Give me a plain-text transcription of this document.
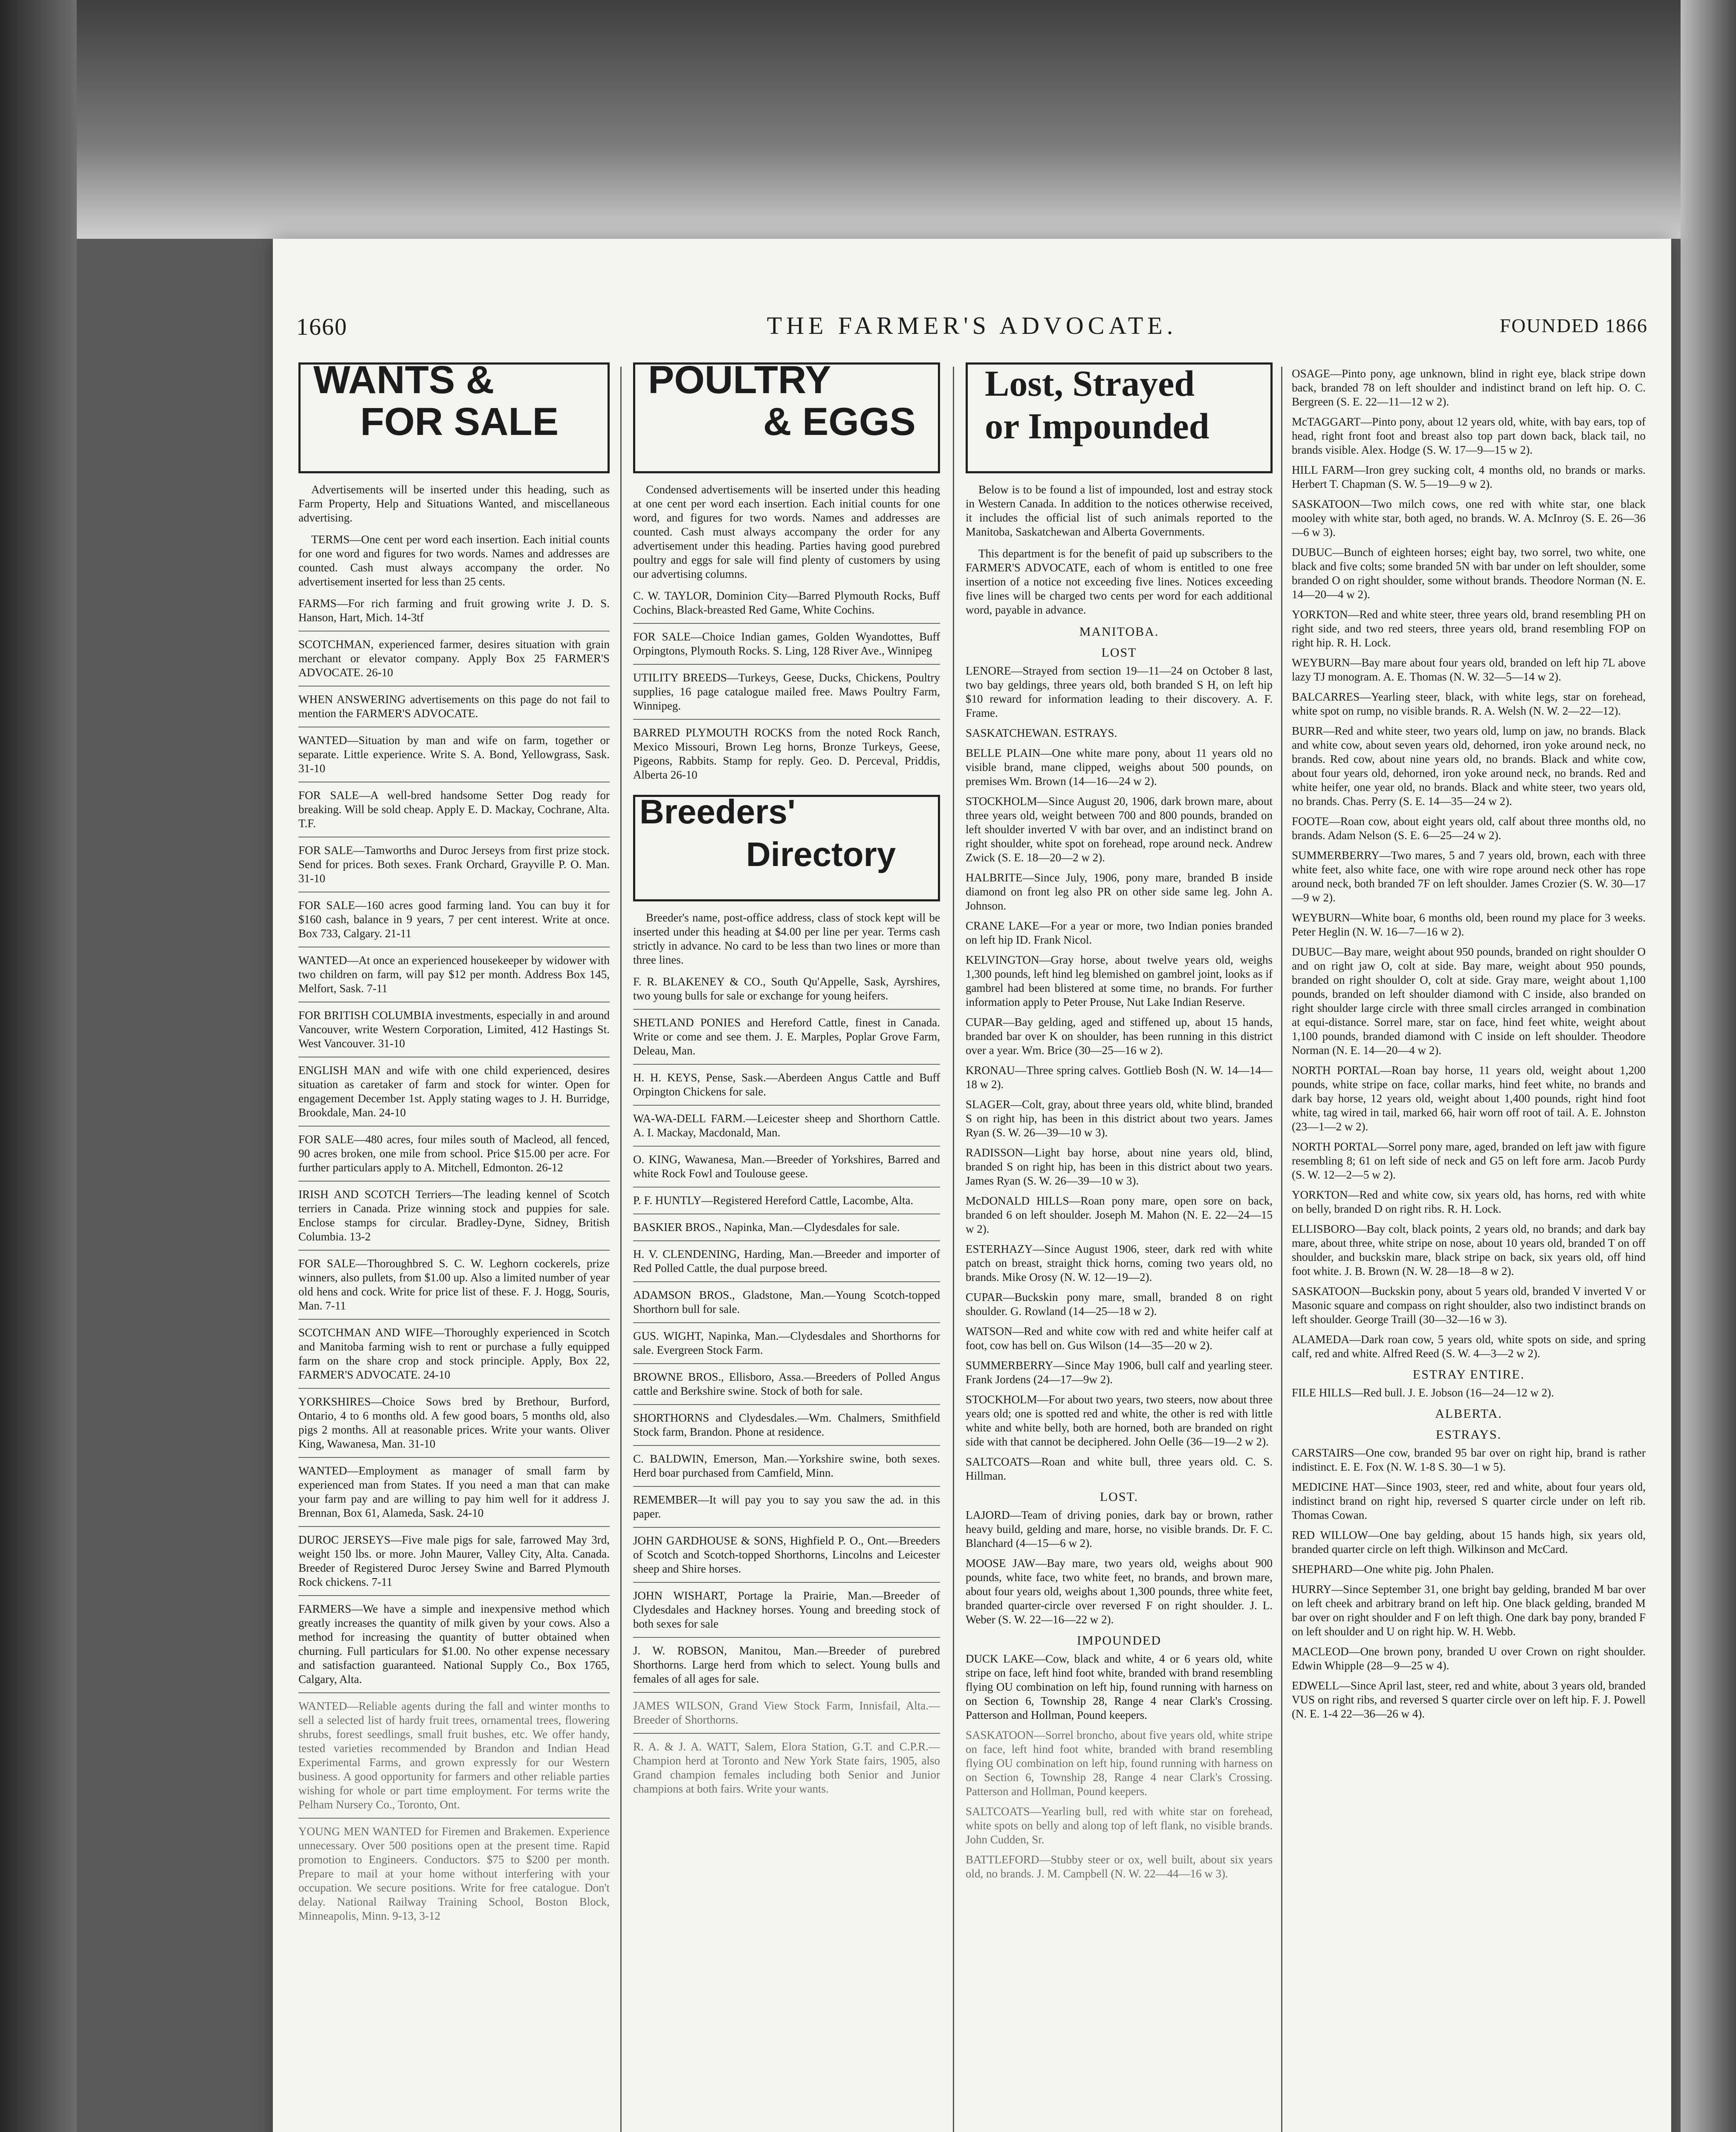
1660	THE FARMER'S ADVOCATE.	FOUNDED 1866
WANTS &
FOR SALE

Advertisements will be inserted under this heading, such as Farm Property, Help and Situations Wanted, and miscellaneous advertising.

TERMS—One cent per word each insertion. Each initial counts for one word and figures for two words. Names and addresses are counted. Cash must always accompany the order. No advertisement inserted for less than 25 cents.

FARMS—For rich farming and fruit growing write J. D. S. Hanson, Hart, Mich. 14-3tf

SCOTCHMAN, experienced farmer, desires situation with grain merchant or elevator company. Apply Box 25 FARMER'S ADVOCATE. 26-10

WHEN ANSWERING advertisements on this page do not fail to mention the FARMER'S ADVOCATE.

WANTED—Situation by man and wife on farm, together or separate. Little experience. Write S. A. Bond, Yellowgrass, Sask. 31-10

FOR SALE—A well-bred handsome Setter Dog ready for breaking. Will be sold cheap. Apply E. D. Mackay, Cochrane, Alta. T.F.

FOR SALE—Tamworths and Duroc Jerseys from first prize stock. Send for prices. Both sexes. Frank Orchard, Grayville P. O. Man. 31-10

FOR SALE—160 acres good farming land. You can buy it for $160 cash, balance in 9 years, 7 per cent interest. Write at once. Box 733, Calgary. 21-11

WANTED—At once an experienced housekeeper by widower with two children on farm, will pay $12 per month. Address Box 145, Melfort, Sask. 7-11

FOR BRITISH COLUMBIA investments, especially in and around Vancouver, write Western Corporation, Limited, 412 Hastings St. West Vancouver. 31-10

ENGLISH MAN and wife with one child experienced, desires situation as caretaker of farm and stock for winter. Open for engagement December 1st. Apply stating wages to J. H. Burridge, Brookdale, Man. 24-10

FOR SALE—480 acres, four miles south of Macleod, all fenced, 90 acres broken, one mile from school. Price $15.00 per acre. For further particulars apply to A. Mitchell, Edmonton. 26-12

IRISH AND SCOTCH Terriers—The leading kennel of Scotch terriers in Canada. Prize winning stock and puppies for sale. Enclose stamps for circular. Bradley-Dyne, Sidney, British Columbia. 13-2

FOR SALE—Thoroughbred S. C. W. Leghorn cockerels, prize winners, also pullets, from $1.00 up. Also a limited number of year old hens and cock. Write for price list of these. F. J. Hogg, Souris, Man. 7-11

SCOTCHMAN AND WIFE—Thoroughly experienced in Scotch and Manitoba farming wish to rent or purchase a fully equipped farm on the share crop and stock principle. Apply, Box 22, FARMER'S ADVOCATE. 24-10

YORKSHIRES—Choice Sows bred by Brethour, Burford, Ontario, 4 to 6 months old. A few good boars, 5 months old, also pigs 2 months. All at reasonable prices. Write your wants. Oliver King, Wawanesa, Man. 31-10

WANTED—Employment as manager of small farm by experienced man from States. If you need a man that can make your farm pay and are willing to pay him well for it address J. Brennan, Box 61, Alameda, Sask. 24-10

DUROC JERSEYS—Five male pigs for sale, farrowed May 3rd, weight 150 lbs. or more. John Maurer, Valley City, Alta. Canada. Breeder of Registered Duroc Jersey Swine and Barred Plymouth Rock chickens. 7-11

FARMERS—We have a simple and inexpensive method which greatly increases the quantity of milk given by your cows. Also a method for increasing the quantity of butter obtained when churning. Full particulars for $1.00. No other expense necessary and satisfaction guaranteed. National Supply Co., Box 1765, Calgary, Alta.

WANTED—Reliable agents during the fall and winter months to sell a selected list of hardy fruit trees, ornamental trees, flowering shrubs, forest seedlings, small fruit bushes, etc. We offer handy, tested varieties recommended by Brandon and Indian Head Experimental Farms, and grown expressly for our Western business. A good opportunity for farmers and other reliable parties wishing for whole or part time employment. For terms write the Pelham Nursery Co., Toronto, Ont.

YOUNG MEN WANTED for Firemen and Brakemen. Experience unnecessary. Over 500 positions open at the present time. Rapid promotion to Engineers. Conductors. $75 to $200 per month. Prepare to mail at your home without interfering with your occupation. We secure positions. Write for free catalogue. Don't delay. National Railway Training School, Boston Block, Minneapolis, Minn. 9-13, 3-12

POULTRY
& EGGS

Condensed advertisements will be inserted under this heading at one cent per word each insertion. Each initial counts for one word, and figures for two words. Names and addresses are counted. Cash must always accompany the order for any advertisement under this heading. Parties having good purebred poultry and eggs for sale will find plenty of customers by using our advertising columns.

C. W. TAYLOR, Dominion City—Barred Plymouth Rocks, Buff Cochins, Black-breasted Red Game, White Cochins.

FOR SALE—Choice Indian games, Golden Wyandottes, Buff Orpingtons, Plymouth Rocks. S. Ling, 128 River Ave., Winnipeg

UTILITY BREEDS—Turkeys, Geese, Ducks, Chickens, Poultry supplies, 16 page catalogue mailed free. Maws Poultry Farm, Winnipeg.

BARRED PLYMOUTH ROCKS from the noted Rock Ranch, Mexico Missouri, Brown Leg horns, Bronze Turkeys, Geese, Pigeons, Rabbits. Stamp for reply. Geo. D. Perceval, Priddis, Alberta 26-10

Breeders'
Directory

Breeder's name, post-office address, class of stock kept will be inserted under this heading at $4.00 per line per year. Terms cash strictly in advance. No card to be less than two lines or more than three lines.

F. R. BLAKENEY & CO., South Qu'Appelle, Sask, Ayrshires, two young bulls for sale or exchange for young heifers.

SHETLAND PONIES and Hereford Cattle, finest in Canada. Write or come and see them. J. E. Marples, Poplar Grove Farm, Deleau, Man.

H. H. KEYS, Pense, Sask.—Aberdeen Angus Cattle and Buff Orpington Chickens for sale.

WA-WA-DELL FARM.—Leicester sheep and Shorthorn Cattle. A. I. Mackay, Macdonald, Man.

O. KING, Wawanesa, Man.—Breeder of Yorkshires, Barred and white Rock Fowl and Toulouse geese.

P. F. HUNTLY—Registered Hereford Cattle, Lacombe, Alta.

BASKIER BROS., Napinka, Man.—Clydesdales for sale.

H. V. CLENDENING, Harding, Man.—Breeder and importer of Red Polled Cattle, the dual purpose breed.

ADAMSON BROS., Gladstone, Man.—Young Scotch-topped Shorthorn bull for sale.

GUS. WIGHT, Napinka, Man.—Clydesdales and Shorthorns for sale. Evergreen Stock Farm.

BROWNE BROS., Ellisboro, Assa.—Breeders of Polled Angus cattle and Berkshire swine. Stock of both for sale.

SHORTHORNS and Clydesdales.—Wm. Chalmers, Smithfield Stock farm, Brandon. Phone at residence.

C. BALDWIN, Emerson, Man.—Yorkshire swine, both sexes. Herd boar purchased from Camfield, Minn.

REMEMBER—It will pay you to say you saw the ad. in this paper.

JOHN GARDHOUSE & SONS, Highfield P. O., Ont.—Breeders of Scotch and Scotch-topped Shorthorns, Lincolns and Leicester sheep and Shire horses.

JOHN WISHART, Portage la Prairie, Man.—Breeder of Clydesdales and Hackney horses. Young and breeding stock of both sexes for sale

J. W. ROBSON, Manitou, Man.—Breeder of purebred Shorthorns. Large herd from which to select. Young bulls and females of all ages for sale.

JAMES WILSON, Grand View Stock Farm, Innisfail, Alta.—Breeder of Shorthorns.

R. A. & J. A. WATT, Salem, Elora Station, G.T. and C.P.R.—Champion herd at Toronto and New York State fairs, 1905, also Grand champion females including both Senior and Junior champions at both fairs. Write your wants.

Lost, Strayed
or Impounded

Below is to be found a list of impounded, lost and estray stock in Western Canada. In addition to the notices otherwise received, it includes the official list of such animals reported to the Manitoba, Saskatchewan and Alberta Governments.

This department is for the benefit of paid up subscribers to the FARMER'S ADVOCATE, each of whom is entitled to one free insertion of a notice not exceeding five lines. Notices exceeding five lines will be charged two cents per word for each additional word, payable in advance.

MANITOBA.
LOST

LENORE—Strayed from section 19—11—24 on October 8 last, two bay geldings, three years old, both branded S H, on left hip $10 reward for information leading to their discovery. A. F. Frame.

SASKATCHEWAN. ESTRAYS.

BELLE PLAIN—One white mare pony, about 11 years old no visible brand, mane clipped, weighs about 500 pounds, on premises Wm. Brown (14—16—24 w 2).

STOCKHOLM—Since August 20, 1906, dark brown mare, about three years old, weight between 700 and 800 pounds, branded on left shoulder inverted V with bar over, and an indistinct brand on right shoulder, white spot on forehead, rope around neck. Andrew Zwick (S. E. 18—20—2 w 2).

HALBRITE—Since July, 1906, pony mare, branded B inside diamond on front leg also PR on other side same leg. John A. Johnson.

CRANE LAKE—For a year or more, two Indian ponies branded on left hip ID. Frank Nicol.

KELVINGTON—Gray horse, about twelve years old, weighs 1,300 pounds, left hind leg blemished on gambrel joint, looks as if gambrel had been blistered at some time, no brands. For further information apply to Peter Prouse, Nut Lake Indian Reserve.

CUPAR—Bay gelding, aged and stiffened up, about 15 hands, branded bar over K on shoulder, has been running in this district over a year. Wm. Brice (30—25—16 w 2).

KRONAU—Three spring calves. Gottlieb Bosh (N. W. 14—14—18 w 2).

SLAGER—Colt, gray, about three years old, white blind, branded S on right hip, has been in this district about two years. James Ryan (S. W. 26—39—10 w 3).

RADISSON—Light bay horse, about nine years old, blind, branded S on right hip, has been in this district about two years. James Ryan (S. W. 26—39—10 w 3).

McDONALD HILLS—Roan pony mare, open sore on back, branded 6 on left shoulder. Joseph M. Mahon (N. E. 22—24—15 w 2).

ESTERHAZY—Since August 1906, steer, dark red with white patch on breast, straight thick horns, coming two years old, no brands. Mike Orosy (N. W. 12—19—2).

CUPAR—Buckskin pony mare, small, branded 8 on right shoulder. G. Rowland (14—25—18 w 2).

WATSON—Red and white cow with red and white heifer calf at foot, cow has bell on. Gus Wilson (14—35—20 w 2).

SUMMERBERRY—Since May 1906, bull calf and yearling steer. Frank Jordens (24—17—9w 2).

STOCKHOLM—For about two years, two steers, now about three years old; one is spotted red and white, the other is red with little white and white belly, both are horned, both are branded on right side with that cannot be deciphered. John Oelle (36—19—2 w 2).

SALTCOATS—Roan and white bull, three years old. C. S. Hillman.

LOST.

LAJORD—Team of driving ponies, dark bay or brown, rather heavy build, gelding and mare, horse, no visible brands. Dr. F. C. Blanchard (4—15—6 w 2).

MOOSE JAW—Bay mare, two years old, weighs about 900 pounds, white face, two white feet, no brands, and brown mare, about four years old, weighs about 1,300 pounds, three white feet, branded quarter-circle over reversed F on right shoulder. J. L. Weber (S. W. 22—16—22 w 2).

IMPOUNDED

DUCK LAKE—Cow, black and white, 4 or 6 years old, white stripe on face, left hind foot white, branded with brand resembling flying OU combination on left hip, found running with harness on on Section 6, Township 28, Range 4 near Clark's Crossing. Patterson and Hollman, Pound keepers.

SASKATOON—Sorrel broncho, about five years old, white stripe on face, left hind foot white, branded with brand resembling flying OU combination on left hip, found running with harness on on Section 6, Township 28, Range 4 near Clark's Crossing. Patterson and Hollman, Pound keepers.

SALTCOATS—Yearling bull, red with white star on forehead, white spots on belly and along top of left flank, no visible brands. John Cudden, Sr.

BATTLEFORD—Stubby steer or ox, well built, about six years old, no brands. J. M. Campbell (N. W. 22—44—16 w 3).

OSAGE—Pinto pony, age unknown, blind in right eye, black stripe down back, branded 78 on left shoulder and indistinct brand on left hip. O. C. Bergreen (S. E. 22—11—12 w 2).

McTAGGART—Pinto pony, about 12 years old, white, with bay ears, top of head, right front foot and breast also top part down back, black tail, no brands visible. Alex. Hodge (S. W. 17—9—15 w 2).

HILL FARM—Iron grey sucking colt, 4 months old, no brands or marks. Herbert T. Chapman (S. W. 5—19—9 w 2).

SASKATOON—Two milch cows, one red with white star, one black mooley with white star, both aged, no brands. W. A. McInroy (S. E. 26—36—6 w 3).

DUBUC—Bunch of eighteen horses; eight bay, two sorrel, two white, one black and five colts; some branded 5N with bar under on left shoulder, some branded O on right shoulder, some without brands. Theodore Norman (N. E. 14—20—4 w 2).

YORKTON—Red and white steer, three years old, brand resembling PH on right side, and two red steers, three years old, brand resembling FOP on right hip. R. H. Lock.

WEYBURN—Bay mare about four years old, branded on left hip 7L above lazy TJ monogram. A. E. Thomas (N. W. 32—5—14 w 2).

BALCARRES—Yearling steer, black, with white legs, star on forehead, white spot on rump, no visible brands. R. A. Welsh (N. W. 2—22—12).

BURR—Red and white steer, two years old, lump on jaw, no brands. Black and white cow, about seven years old, dehorned, iron yoke around neck, no brands. Red cow, about nine years old, no brands. Black and white cow, about four years old, dehorned, iron yoke around neck, no brands. Red and white heifer, one year old, no brands. Black and white steer, two years old, no brands. Chas. Perry (S. E. 14—35—24 w 2).

FOOTE—Roan cow, about eight years old, calf about three months old, no brands. Adam Nelson (S. E. 6—25—24 w 2).

SUMMERBERRY—Two mares, 5 and 7 years old, brown, each with three white feet, also white face, one with wire rope around neck other has rope around neck, both branded 7F on left shoulder. James Crozier (S. W. 30—17—9 w 2).

WEYBURN—White boar, 6 months old, been round my place for 3 weeks. Peter Heglin (N. W. 16—7—16 w 2).

DUBUC—Bay mare, weight about 950 pounds, branded on right shoulder O and on right jaw O, colt at side. Bay mare, weight about 950 pounds, branded on right shoulder O, colt at side. Gray mare, weight about 1,100 pounds, branded on left shoulder diamond with C inside, also branded on right shoulder large circle with three small circles arranged in combination at equi-distance. Sorrel mare, star on face, hind feet white, weight about 1,100 pounds, branded diamond with C inside on left shoulder. Theodore Norman (N. E. 14—20—4 w 2).

NORTH PORTAL—Roan bay horse, 11 years old, weight about 1,200 pounds, white stripe on face, collar marks, hind feet white, no brands and dark bay horse, 12 years old, weight about 1,400 pounds, right hind foot white, tag wired in tail, marked 66, hair worn off root of tail. A. E. Johnston (23—1—2 w 2).

NORTH PORTAL—Sorrel pony mare, aged, branded on left jaw with figure resembling 8; 61 on left side of neck and G5 on left fore arm. Jacob Purdy (S. W. 12—2—5 w 2).

YORKTON—Red and white cow, six years old, has horns, red with white on belly, branded D on right ribs. R. H. Lock.

ELLISBORO—Bay colt, black points, 2 years old, no brands; and dark bay mare, about three, white stripe on nose, about 10 years old, branded T on off shoulder, and buckskin mare, black stripe on back, six years old, off hind foot white. J. B. Brown (N. W. 28—18—8 w 2).

SASKATOON—Buckskin pony, about 5 years old, branded V inverted V or Masonic square and compass on right shoulder, also two indistinct brands on left shoulder. George Traill (30—32—16 w 3).

ALAMEDA—Dark roan cow, 5 years old, white spots on side, and spring calf, red and white. Alfred Reed (S. W. 4—3—2 w 2).

ESTRAY ENTIRE.

FILE HILLS—Red bull. J. E. Jobson (16—24—12 w 2).

ALBERTA.
ESTRAYS.

CARSTAIRS—One cow, branded 95 bar over on right hip, brand is rather indistinct. E. E. Fox (N. W. 1-8 S. 30—1 w 5).

MEDICINE HAT—Since 1903, steer, red and white, about four years old, indistinct brand on right hip, reversed S quarter circle under on left rib. Thomas Cowan.

RED WILLOW—One bay gelding, about 15 hands high, six years old, branded quarter circle on left thigh. Wilkinson and McCard.

SHEPHARD—One white pig. John Phalen.

HURRY—Since September 31, one bright bay gelding, branded M bar over on left cheek and arbitrary brand on left hip. One black gelding, branded M bar over on right shoulder and F on left thigh. One dark bay pony, branded F on left shoulder and U on right hip. W. H. Webb.

MACLEOD—One brown pony, branded U over Crown on right shoulder. Edwin Whipple (28—9—25 w 4).

EDWELL—Since April last, steer, red and white, about 3 years old, branded VUS on right ribs, and reversed S quarter circle over on left hip. F. J. Powell (N. E. 1-4 22—36—26 w 4).
